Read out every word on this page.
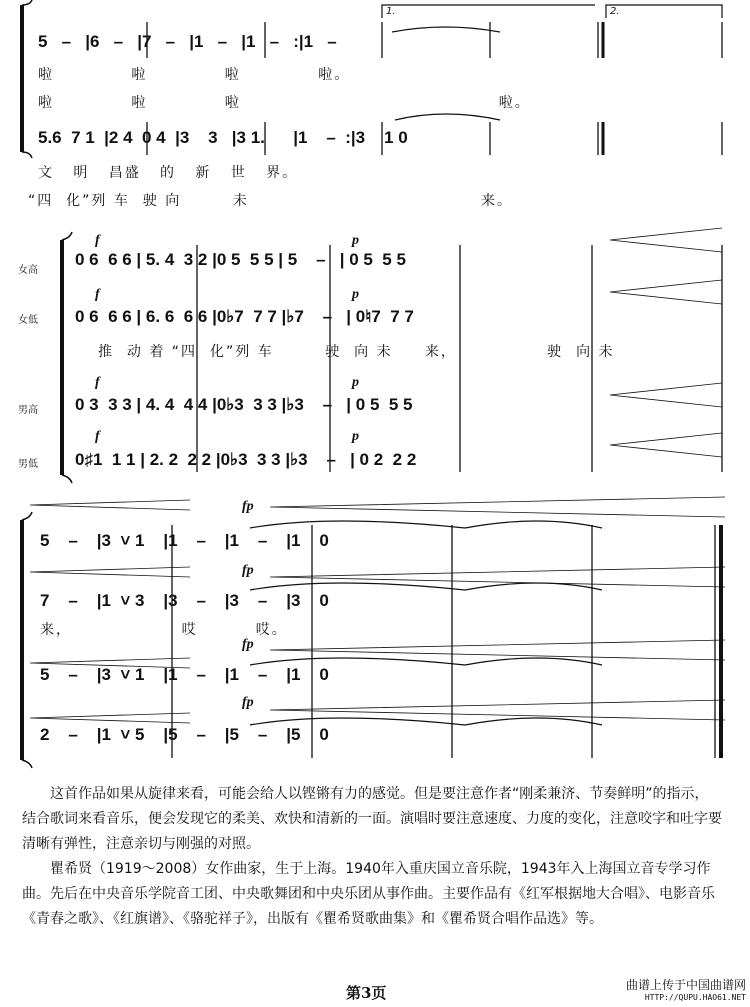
1.	2.
5   –   |6   –   |7   –   |1   –   |1   –   :|1   –
啦            啦            啦            啦。
啦            啦            啦                                        啦。
5.6  7 1  |2 4  0 4  |3    3   |3 1.      |1    –  :|3    1 0
文   明   昌盛   的   新   世   界。
“四  化”列 车  驶 向        未                                    来。
女高
f	p
0 6  6 6 | 5. 4  3 2 |0 5  5 5 | 5    –   | 0 5  5 5
女低
f	p
0 6  6 6 | 6. 6  6 6 |0♭7  7 7 |♭7    –   | 0♮7  7 7
推  动 着 “四  化”列 车        驶  向 未     来，              驶  向 未
男高
f	p
0 3  3 3 | 4. 4  4 4 |0♭3  3 3 |♭3    –   | 0 5  5 5
男低
f	p
0♯1  1 1 | 2. 2  2 2 |0♭3  3 3 |♭3    –   | 0 2  2 2
fp
5    –    |3  ˅ 1    |1    –    |1    –    |1    0
fp
7    –    |1  ˅ 3    |3    –    |3    –    |3    0
来，                 哎         哎。
fp
5    –    |3  ˅ 1    |1    –    |1    –    |1    0
fp
2    –    |1  ˅ 5    |5    –    |5    –    |5    0

这首作品如果从旋律来看，可能会给人以铿锵有力的感觉。但是要注意作者“刚柔兼济、节奏鲜明”的指示，结合歌词来看音乐，便会发现它的柔美、欢快和清新的一面。演唱时要注意速度、力度的变化，注意咬字和吐字要清晰有弹性，注意亲切与刚强的对照。

瞿希贤（1919～2008）女作曲家，生于上海。1940年入重庆国立音乐院，1943年入上海国立音专学习作曲。先后在中央音乐学院音工团、中央歌舞团和中央乐团从事作曲。主要作品有《红军根据地大合唱》、电影音乐《青春之歌》、《红旗谱》、《骆驼祥子》，出版有《瞿希贤歌曲集》和《瞿希贤合唱作品选》等。

第3页	曲谱上传于中国曲谱网
HTTP://QUPU.HAO61.NET
